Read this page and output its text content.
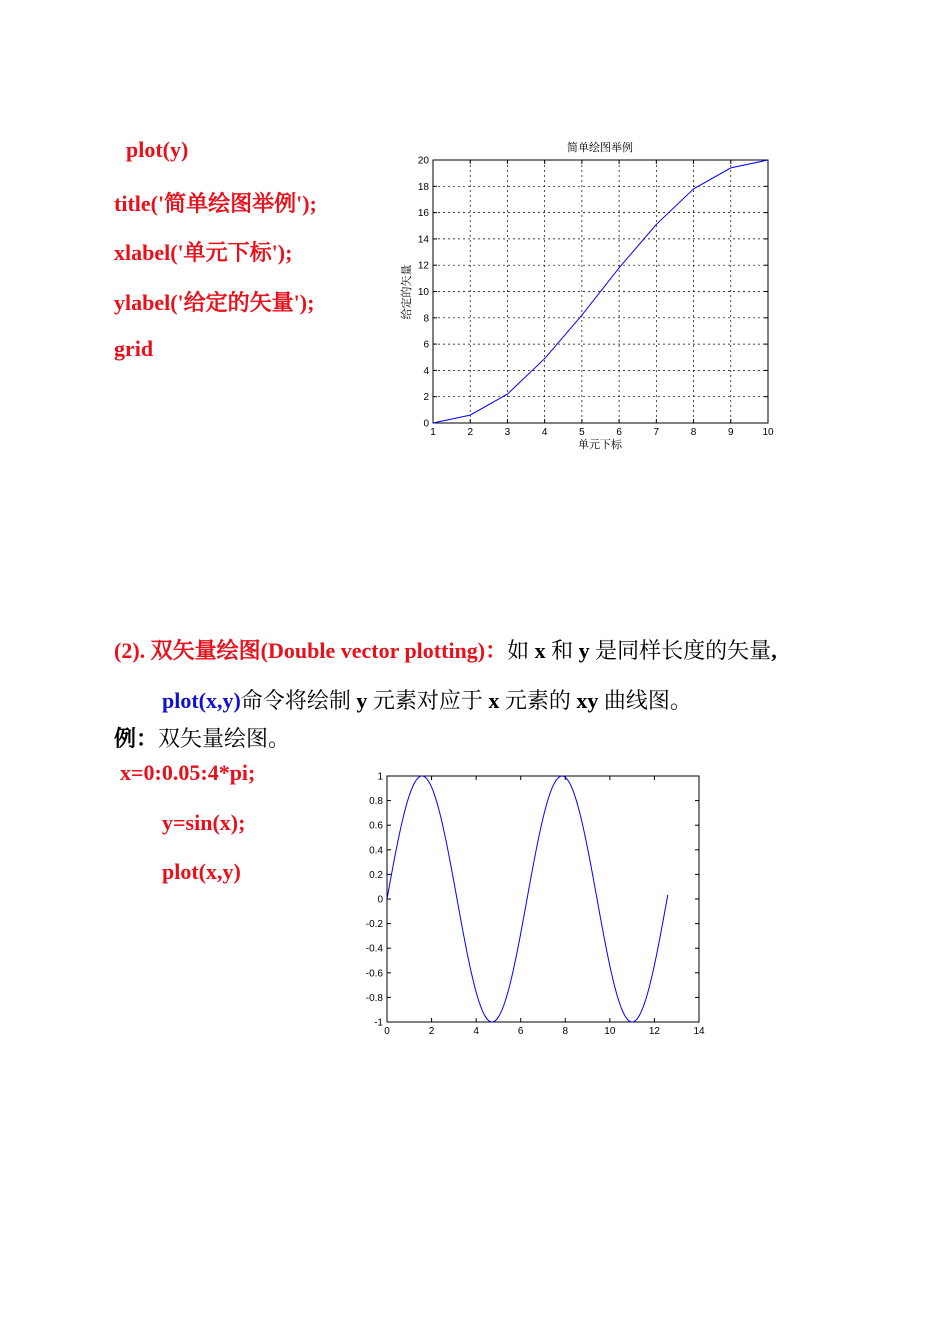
plot(y)
title('简单绘图举例');
xlabel('单元下标');
ylabel('给定的矢量');
grid
1	2	3	4	5	6	7	8	9	10
0
2
4
6
8
10
12
14
16
18
20
简单绘图举例
单元下标
给定的矢量
(2). 双矢量绘图(Double vector plotting)：如 x 和 y 是同样长度的矢量,
plot(x,y)命令将绘制 y 元素对应于 x 元素的 xy 曲线图。
例：双矢量绘图。
x=0:0.05:4*pi;
y=sin(x);
plot(x,y)
0	2	4	6	8	10	12	14
-1
-0.8
-0.6
-0.4
-0.2
0
0.2
0.4
0.6
0.8
1
